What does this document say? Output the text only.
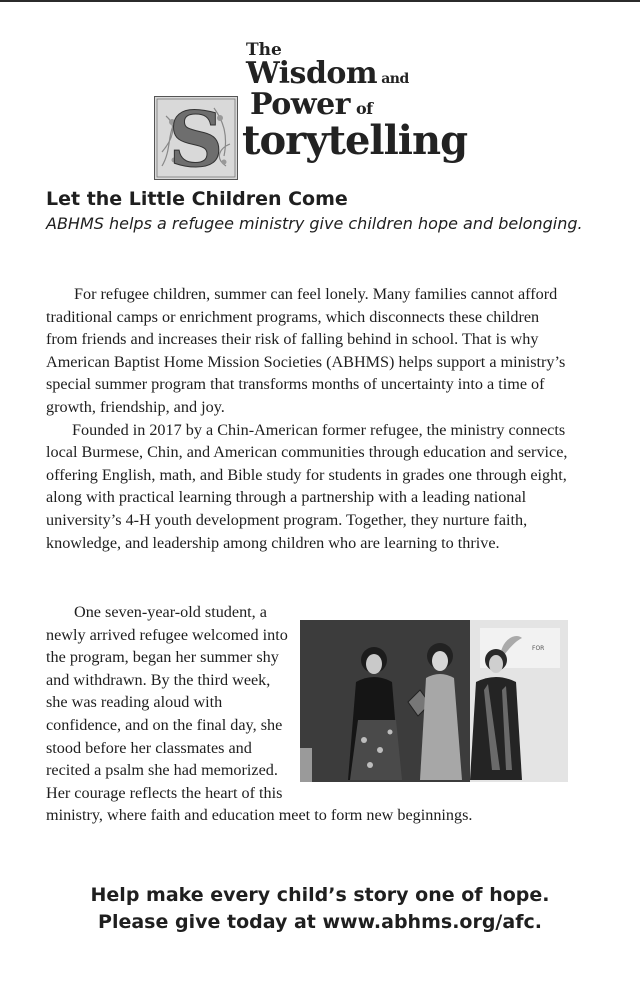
S
The
Wisdom and
Power of
torytelling
Let the Little Children Come

ABHMS helps a refugee ministry give children hope and belonging.

For refugee children, summer can feel lonely. Many families cannot afford traditional camps or enrichment programs, which disconnects these children from friends and increases their risk of falling behind in school. That is why American Baptist Home Mission Societies (ABHMS) helps support a ministry’s special summer program that transforms months of uncertainty into a time of growth, friendship, and joy.

Founded in 2017 by a Chin-American former refugee, the ministry connects local Burmese, Chin, and American communities through education and service, offering English, math, and Bible study for students in grades one through eight, along with practical learning through a partnership with a leading national university’s 4-H youth development program. Together, they nurture faith, knowledge, and leadership among children who are learning to thrive.

FOR

One seven-year-old student, a newly arrived refugee welcomed into the program, began her summer shy and withdrawn. By the third week, she was reading aloud with confidence, and on the final day, she stood before her classmates and recited a psalm she had memorized. Her courage reflects the heart of this ministry, where faith and education meet to form new beginnings.

Help make every child’s story one of hope.
Please give today at www.abhms.org/afc.
